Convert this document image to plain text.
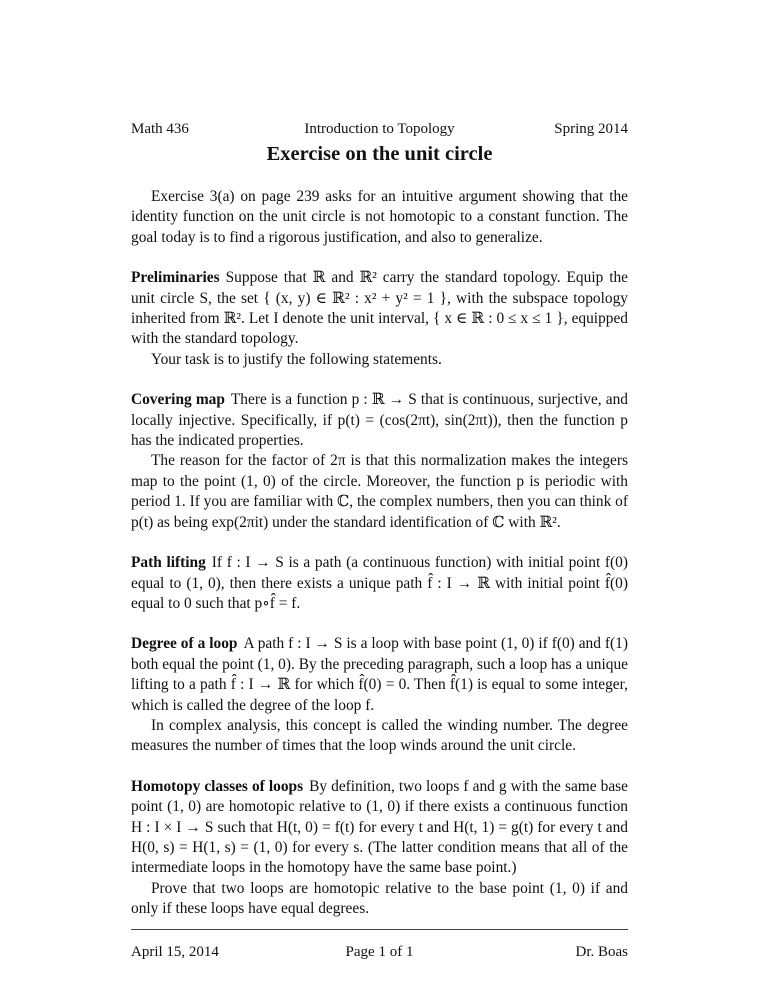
Math 436	Introduction to Topology	Spring 2014
Exercise on the unit circle

Exercise 3(a) on page 239 asks for an intuitive argument showing that the identity function on the unit circle is not homotopic to a constant function. The goal today is to find a rigorous justification, and also to generalize.

Preliminaries Suppose that ℝ and ℝ² carry the standard topology. Equip the unit circle S, the set { (x, y) ∈ ℝ² : x² + y² = 1 }, with the subspace topology inherited from ℝ². Let I denote the unit interval, { x ∈ ℝ : 0 ≤ x ≤ 1 }, equipped with the standard topology.

Your task is to justify the following statements.

Covering map There is a function p : ℝ → S that is continuous, surjective, and locally injective. Specifically, if p(t) = (cos(2πt), sin(2πt)), then the function p has the indicated properties.

The reason for the factor of 2π is that this normalization makes the integers map to the point (1, 0) of the circle. Moreover, the function p is periodic with period 1. If you are familiar with ℂ, the complex numbers, then you can think of p(t) as being exp(2πit) under the standard identification of ℂ with ℝ².

Path lifting If f : I → S is a path (a continuous function) with initial point f(0) equal to (1, 0), then there exists a unique path f̂ : I → ℝ with initial point f̂(0) equal to 0 such that p∘f̂ = f.

Degree of a loop A path f : I → S is a loop with base point (1, 0) if f(0) and f(1) both equal the point (1, 0). By the preceding paragraph, such a loop has a unique lifting to a path f̂ : I → ℝ for which f̂(0) = 0. Then f̂(1) is equal to some integer, which is called the degree of the loop f.

In complex analysis, this concept is called the winding number. The degree measures the number of times that the loop winds around the unit circle.

Homotopy classes of loops By definition, two loops f and g with the same base point (1, 0) are homotopic relative to (1, 0) if there exists a continuous function H : I × I → S such that H(t, 0) = f(t) for every t and H(t, 1) = g(t) for every t and H(0, s) = H(1, s) = (1, 0) for every s. (The latter condition means that all of the intermediate loops in the homotopy have the same base point.)

Prove that two loops are homotopic relative to the base point (1, 0) if and only if these loops have equal degrees.

April 15, 2014	Page 1 of 1	Dr. Boas
